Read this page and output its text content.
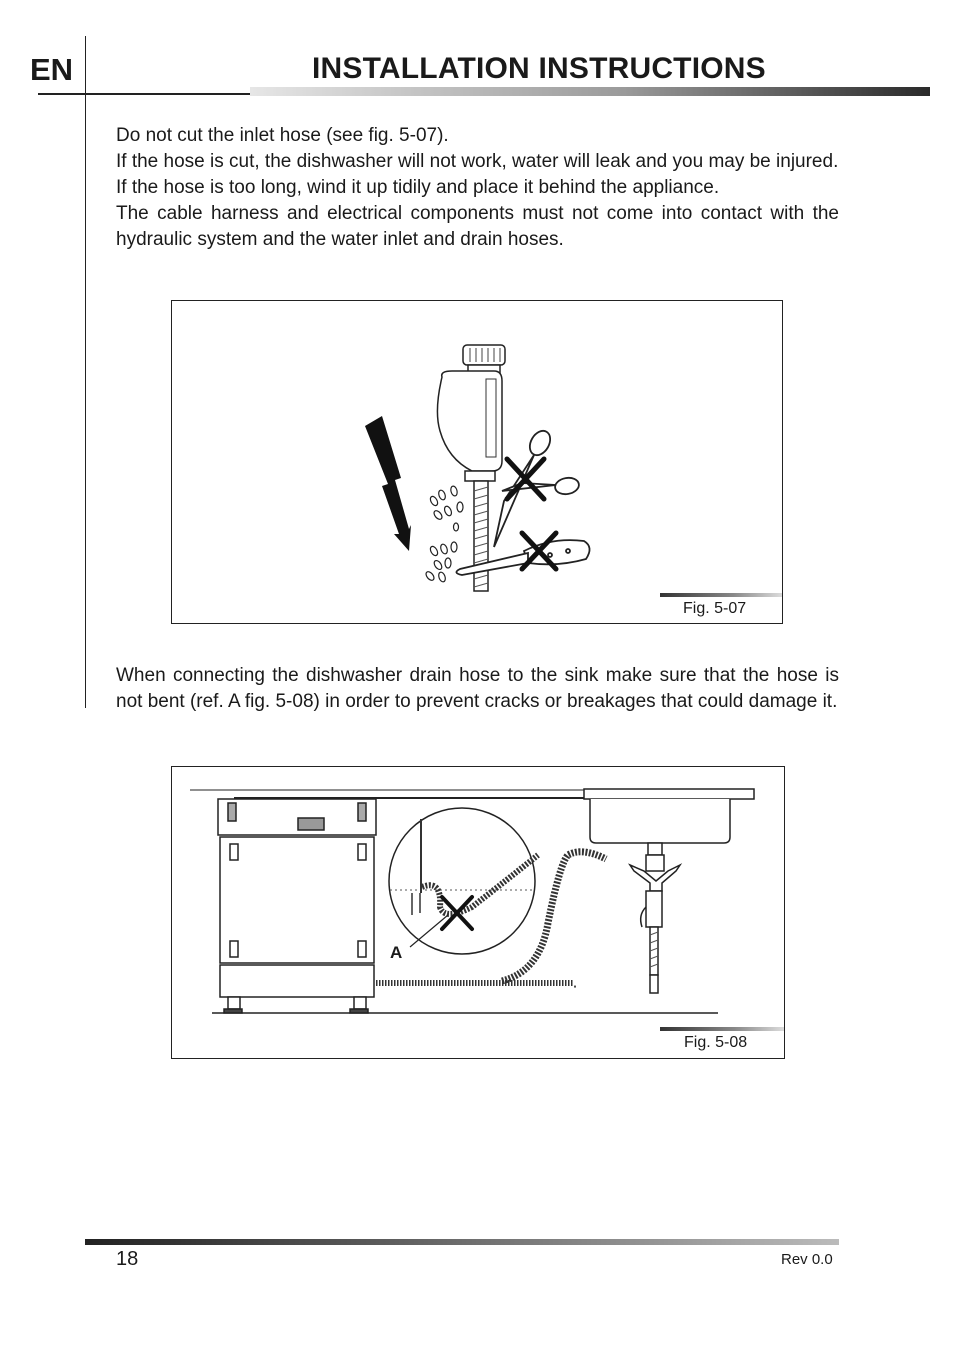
EN	INSTALLATION INSTRUCTIONS

Do not cut the inlet hose (see fig. 5-07).

If the hose is cut, the dishwasher will not work, water will leak and you may be injured.

If the hose is too long, wind it up tidily and place it behind the appliance.

The cable harness and electrical components must not come into contact with the hydraulic system and the water inlet and drain hoses.

Fig. 5-07

When connecting the dishwasher drain hose to the sink make sure that the hose is not bent (ref. A fig. 5-08) in order to prevent cracks or breakages that could damage it.

A
Fig. 5-08
18	Rev 0.0
